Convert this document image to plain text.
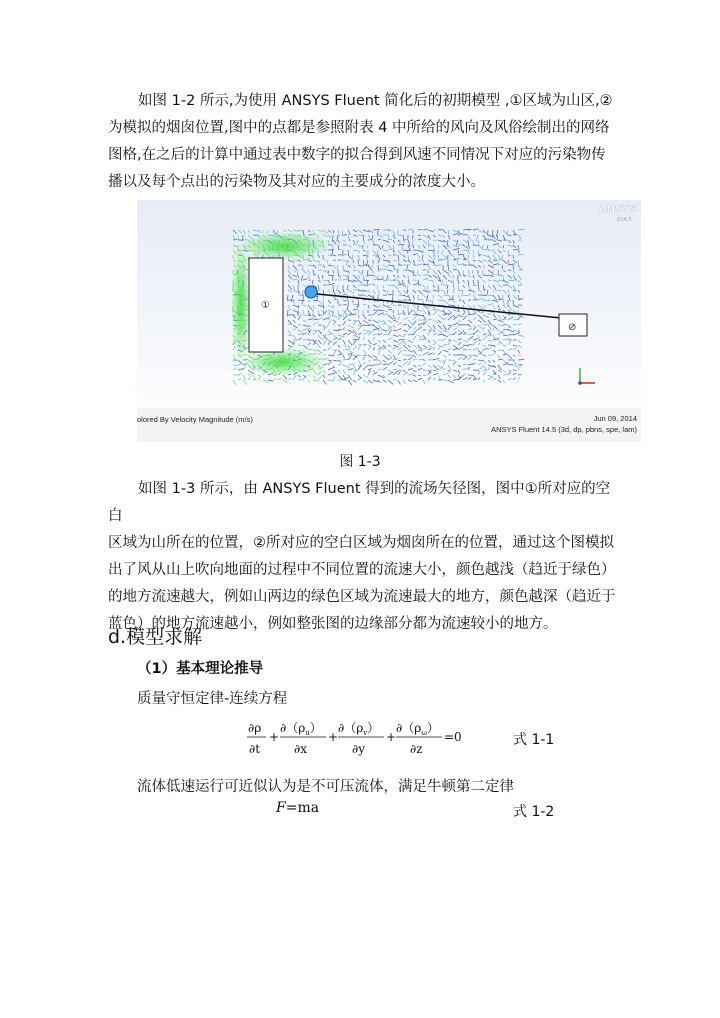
如图 1-2 所示,为使用 ANSYS Fluent 简化后的初期模型 ,①区域为山区,②
为模拟的烟囱位置,图中的点都是参照附表 4 中所给的风向及风俗绘制出的网络
图格,在之后的计算中通过表中数字的拟合得到风速不同情况下对应的污染物传
播以及每个点出的污染物及其对应的主要成分的浓度大小。

①
⊘
ANSYS
R14.5
olored By Velocity Magnitude (m/s)	Jun 09, 2014
ANSYS Fluent 14.5 (3d, dp, pbns, spe, lam)
图 1-3

如图 1-3 所示，由 ANSYS Fluent 得到的流场矢径图，图中①所对应的空白
区域为山所在的位置，②所对应的空白区域为烟囱所在的位置，通过这个图模拟
出了风从山上吹向地面的过程中不同位置的流速大小，颜色越浅（趋近于绿色）
的地方流速越大，例如山两边的绿色区域为流速最大的地方，颜色越深（趋近于
蓝色）的地方流速越小，例如整张图的边缘部分都为流速较小的地方。

d.模型求解
（1）基本理论推导
质量守恒定律-连续方程
∂ρ
∂t
+
$\partial(\rho_u)$
∂x
+
$\partial(\rho_v)$
∂y
+
$\partial(\rho_\omega)$
∂z
=0	式 1-1
流体低速运行可近似认为是不可压流体，满足牛顿第二定律
F=ma	式 1-2
